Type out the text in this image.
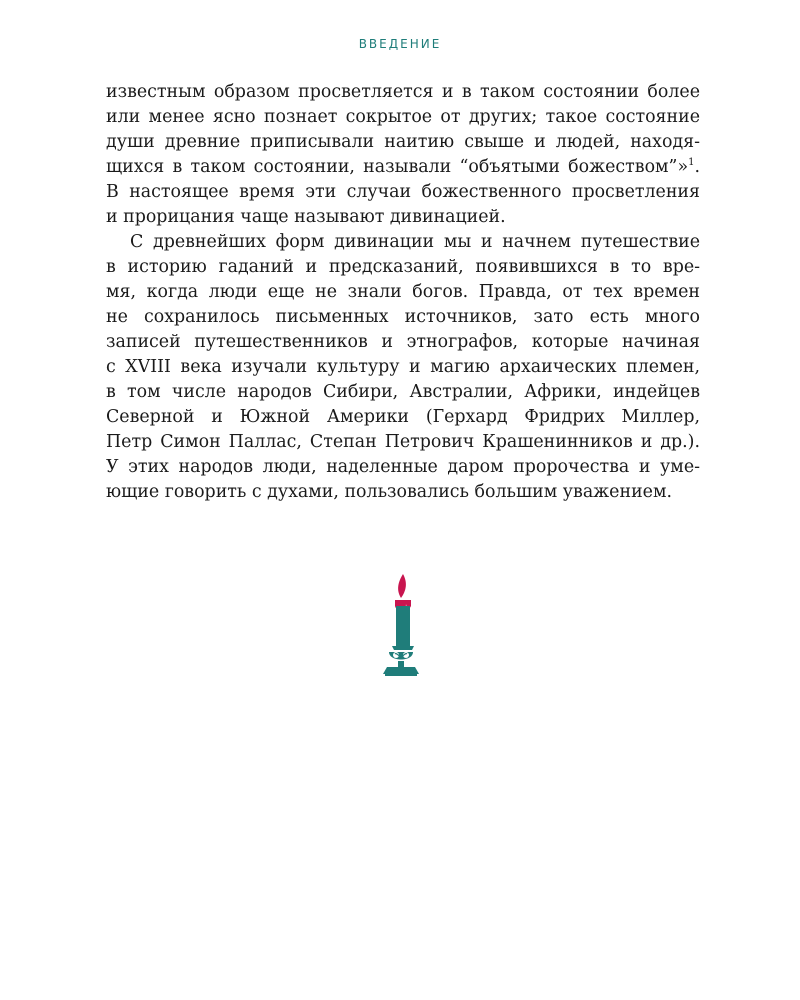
ВВЕДЕНИЕ
известным образом просветляется и в таком состоянии более
или менее ясно познает сокрытое от других; такое состояние
души древние приписывали наитию свыше и людей, находя-
щихся в таком состоянии, называли “объятыми божеством”»$^1$.
В настоящее время эти случаи божественного просветления
и прорицания чаще называют дивинацией.
С древнейших форм дивинации мы и начнем путешествие
в историю гаданий и предсказаний, появившихся в то вре-
мя, когда люди еще не знали богов. Правда, от тех времен
не сохранилось письменных источников, зато есть много
записей путешественников и этнографов, которые начиная
с XVIII века изучали культуру и магию архаических племен,
в том числе народов Сибири, Австралии, Африки, индейцев
Северной и Южной Америки (Герхард Фридрих Миллер,
Петр Симон Паллас, Степан Петрович Крашенинников и др.).
У этих народов люди, наделенные даром пророчества и уме-
ющие говорить с духами, пользовались большим уважением.
